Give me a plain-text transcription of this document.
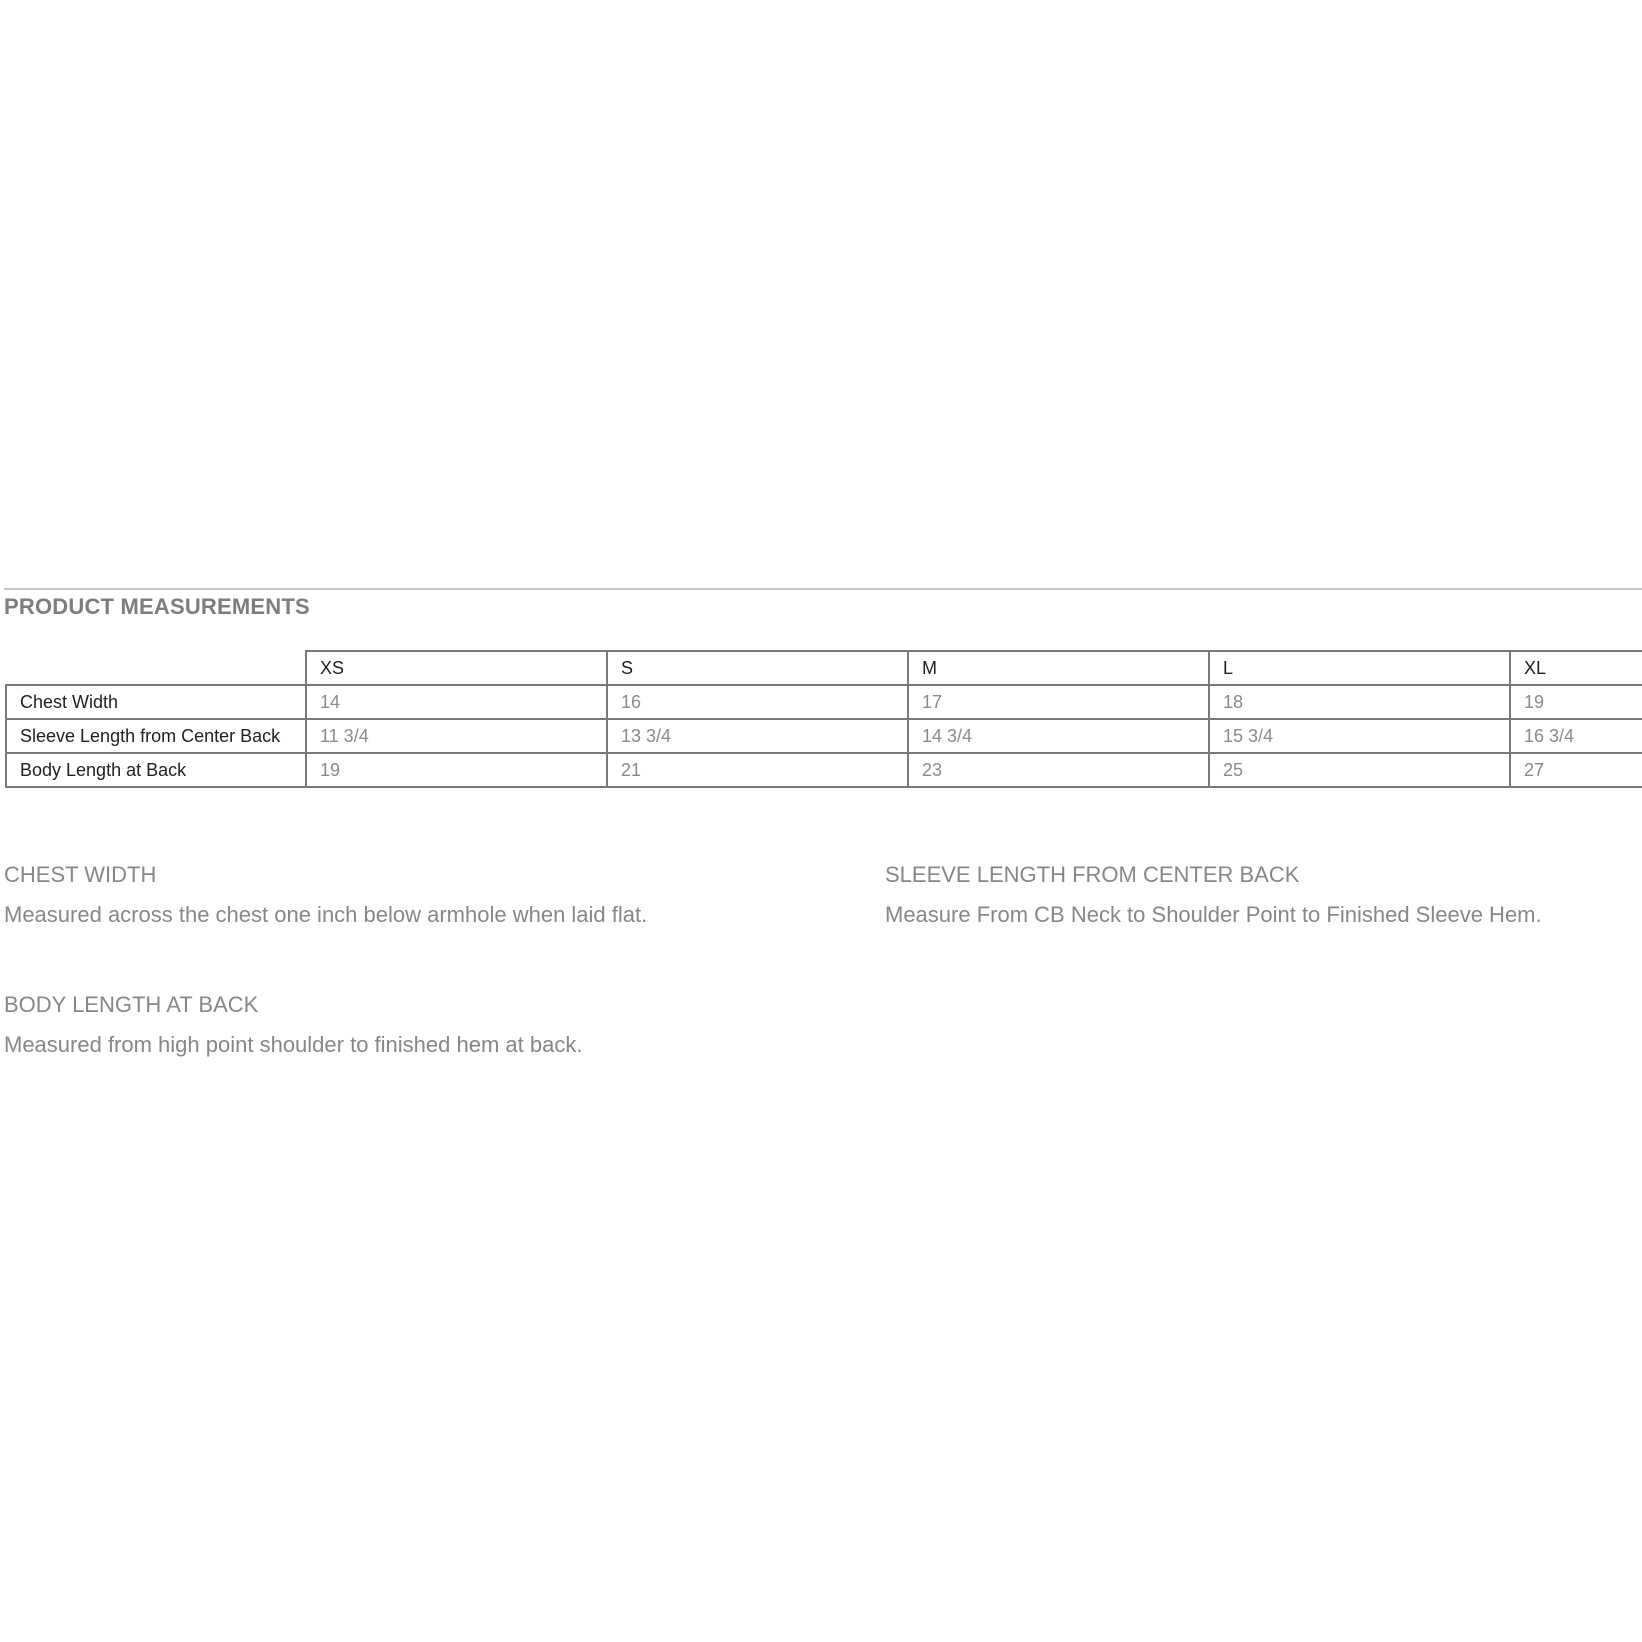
PRODUCT MEASUREMENTS
	XS	S	M	L	XL
Chest Width	14	16	17	18	19
Sleeve Length from Center Back	11 3/4	13 3/4	14 3/4	15 3/4	16 3/4
Body Length at Back	19	21	23	25	27
CHEST WIDTH
Measured across the chest one inch below armhole when laid flat.
SLEEVE LENGTH FROM CENTER BACK
Measure From CB Neck to Shoulder Point to Finished Sleeve Hem.
BODY LENGTH AT BACK
Measured from high point shoulder to finished hem at back.
